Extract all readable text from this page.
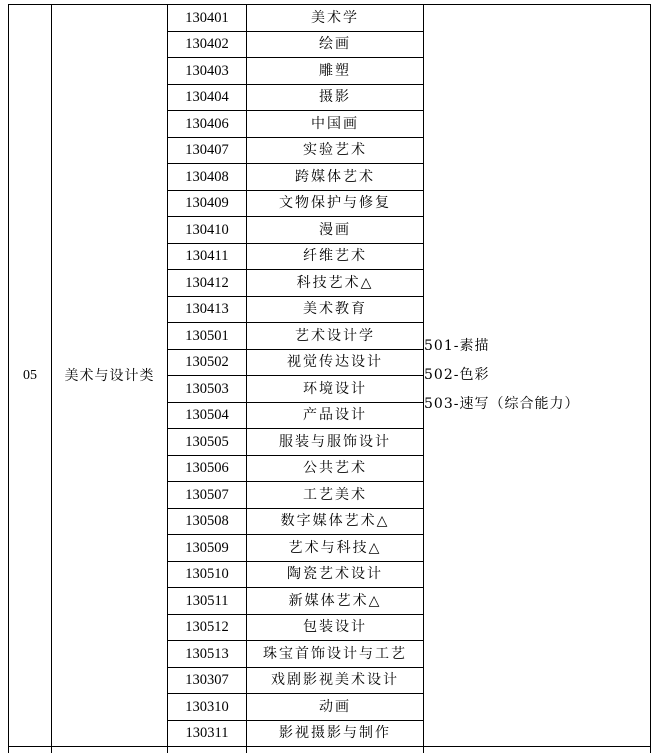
05	美术与设计类	130401	美术学	501-素描
502-色彩
503-速写（综合能力）

		130402	绘画	
		130403	雕塑	
		130404	摄影	
		130406	中国画	
		130407	实验艺术	
		130408	跨媒体艺术	
		130409	文物保护与修复	
		130410	漫画	
		130411	纤维艺术	
		130412	科技艺术△	
		130413	美术教育	
		130501	艺术设计学	
		130502	视觉传达设计	
		130503	环境设计	
		130504	产品设计	
		130505	服装与服饰设计	
		130506	公共艺术	
		130507	工艺美术	
		130508	数字媒体艺术△	
		130509	艺术与科技△	
		130510	陶瓷艺术设计	
		130511	新媒体艺术△	
		130512	包装设计	
		130513	珠宝首饰设计与工艺	
		130307	戏剧影视美术设计	
		130310	动画	
		130311	影视摄影与制作	
